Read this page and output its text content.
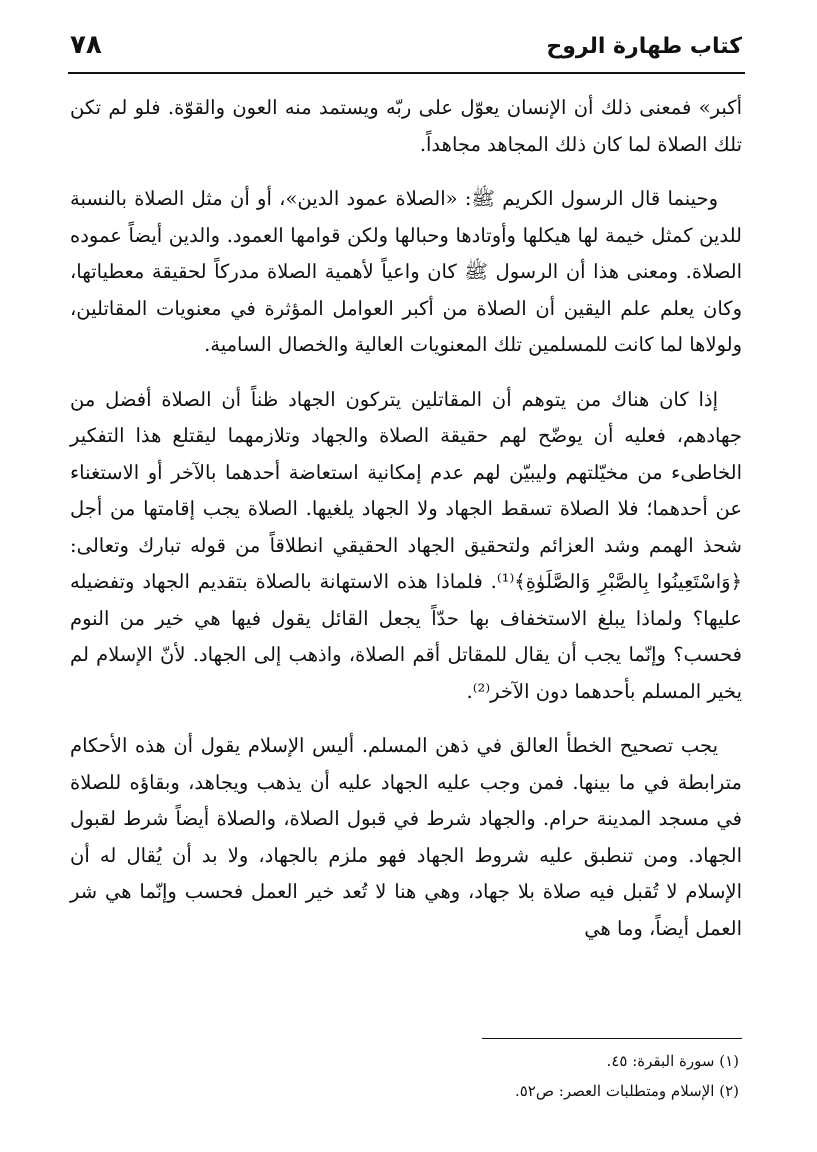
كتاب طهارة الروح
٧٨

أكبر» فمعنى ذلك أن الإنسان يعوّل على ربّه ويستمد منه العون والقوّة. فلو لم تكن تلك الصلاة لما كان ذلك المجاهد مجاهداً.

وحينما قال الرسول الكريم ﷺ: «الصلاة عمود الدين»، أو أن مثل الصلاة بالنسبة للدين كمثل خيمة لها هيكلها وأوتادها وحبالها ولكن قوامها العمود. والدين أيضاً عموده الصلاة. ومعنى هذا أن الرسول ﷺ كان واعياً لأهمية الصلاة مدركاً لحقيقة معطياتها، وكان يعلم علم اليقين أن الصلاة من أكبر العوامل المؤثرة في معنويات المقاتلين، ولولاها لما كانت للمسلمين تلك المعنويات العالية والخصال السامية.

إذا كان هناك من يتوهم أن المقاتلين يتركون الجهاد ظناً أن الصلاة أفضل من جهادهم، فعليه أن يوضّح لهم حقيقة الصلاة والجهاد وتلازمهما ليقتلع هذا التفكير الخاطىء من مخيّلتهم وليبيّن لهم عدم إمكانية استعاضة أحدهما بالآخر أو الاستغناء عن أحدهما؛ فلا الصلاة تسقط الجهاد ولا الجهاد يلغيها. الصلاة يجب إقامتها من أجل شحذ الهمم وشد العزائم ولتحقيق الجهاد الحقيقي انطلاقاً من قوله تبارك وتعالى: ﴿وَاسْتَعِينُوا بِالصَّبْرِ وَالصَّلَوٰةِ﴾⁽¹⁾. فلماذا هذه الاستهانة بالصلاة بتقديم الجهاد وتفضيله عليها؟ ولماذا يبلغ الاستخفاف بها حدّاً يجعل القائل يقول فيها هي خير من النوم فحسب؟ وإنّما يجب أن يقال للمقاتل أقم الصلاة، واذهب إلى الجهاد. لأنّ الإسلام لم يخير المسلم بأحدهما دون الآخر⁽²⁾.

يجب تصحيح الخطأ العالق في ذهن المسلم. أليس الإسلام يقول أن هذه الأحكام مترابطة في ما بينها. فمن وجب عليه الجهاد عليه أن يذهب ويجاهد، وبقاؤه للصلاة في مسجد المدينة حرام. والجهاد شرط في قبول الصلاة، والصلاة أيضاً شرط لقبول الجهاد. ومن تنطبق عليه شروط الجهاد فهو ملزم بالجهاد، ولا بد أن يُقال له أن الإسلام لا تُقبل فيه صلاة بلا جهاد، وهي هنا لا تُعد خير العمل فحسب وإنّما هي شر العمل أيضاً، وما هي

(١) سورة البقرة: ٤٥.
(٢) الإسلام ومتطلبات العصر: ص٥٢.
